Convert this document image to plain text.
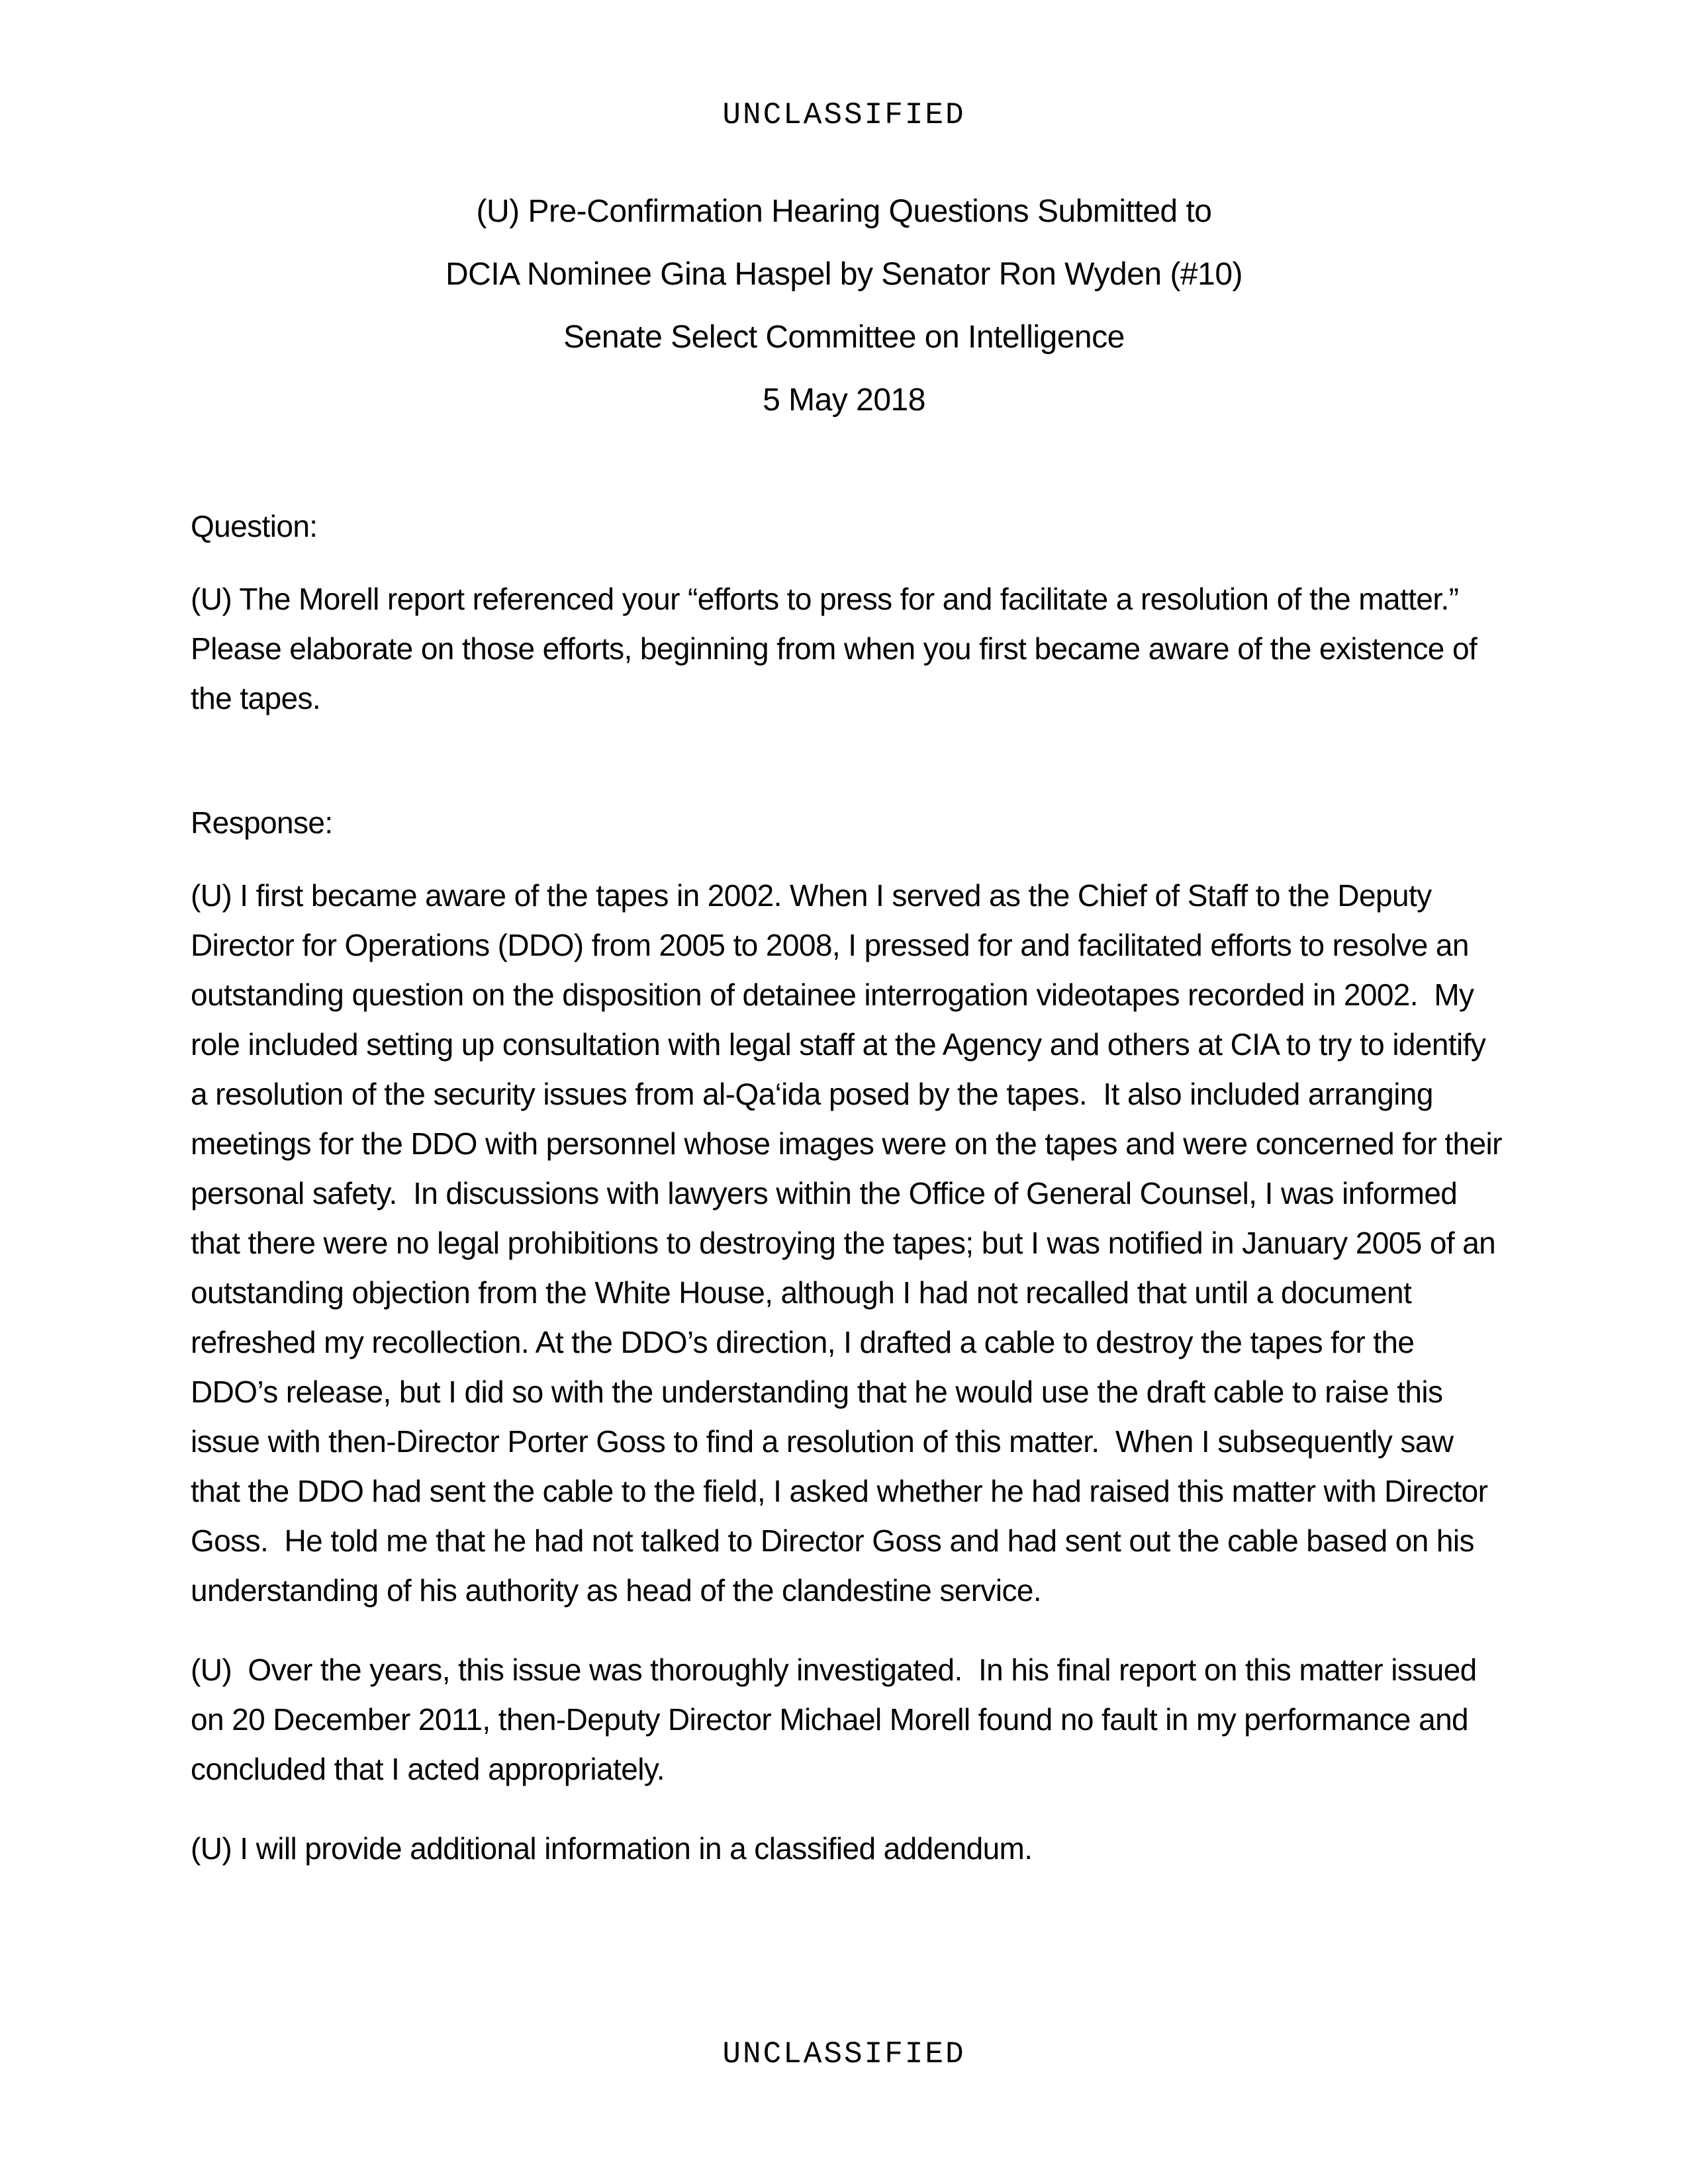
UNCLASSIFIED
(U) Pre-Confirmation Hearing Questions Submitted to
DCIA Nominee Gina Haspel by Senator Ron Wyden (#10)
Senate Select Committee on Intelligence
5 May 2018
Question:

(U) The Morell report referenced your “efforts to press for and facilitate a resolution of the matter.”  Please elaborate on those efforts, beginning from when you first became aware of the existence of the tapes.

Response:

(U) I first became aware of the tapes in 2002. When I served as the Chief of Staff to the Deputy Director for Operations (DDO) from 2005 to 2008, I pressed for and facilitated efforts to resolve an outstanding question on the disposition of detainee interrogation videotapes recorded in 2002.  My role included setting up consultation with legal staff at the Agency and others at CIA to try to identify a resolution of the security issues from al-Qa‘ida posed by the tapes.  It also included arranging meetings for the DDO with personnel whose images were on the tapes and were concerned for their personal safety.  In discussions with lawyers within the Office of General Counsel, I was informed that there were no legal prohibitions to destroying the tapes; but I was notified in January 2005 of an outstanding objection from the White House, although I had not recalled that until a document refreshed my recollection. At the DDO’s direction, I drafted a cable to destroy the tapes for the DDO’s release, but I did so with the understanding that he would use the draft cable to raise this issue with then-Director Porter Goss to find a resolution of this matter.  When I subsequently saw that the DDO had sent the cable to the field, I asked whether he had raised this matter with Director Goss.  He told me that he had not talked to Director Goss and had sent out the cable based on his understanding of his authority as head of the clandestine service.

(U)  Over the years, this issue was thoroughly investigated.  In his final report on this matter issued on 20 December 2011, then-Deputy Director Michael Morell found no fault in my performance and concluded that I acted appropriately.

(U) I will provide additional information in a classified addendum.

UNCLASSIFIED
